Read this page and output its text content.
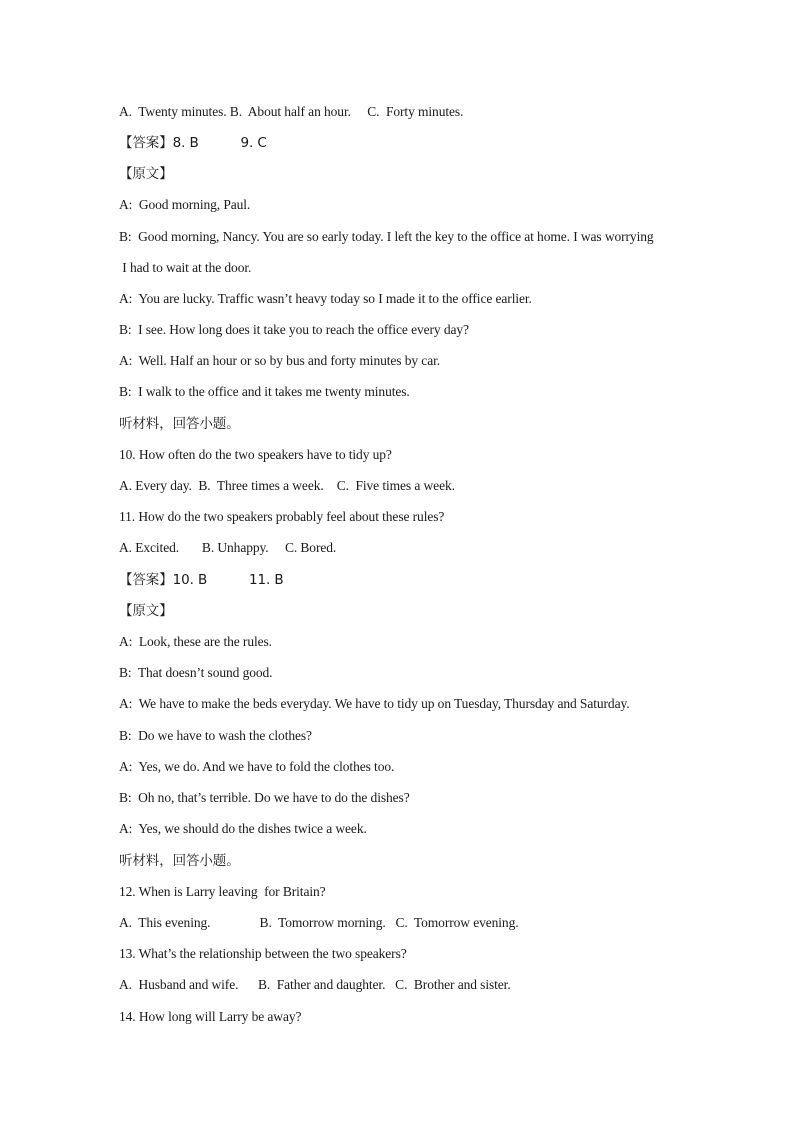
A.  Twenty minutes. B.  About half an hour.     C.  Forty minutes.
【答案】8. B          9. C
【原文】
A:  Good morning, Paul.
B:  Good morning, Nancy. You are so early today. I left the key to the office at home. I was worrying
I had to wait at the door.
A:  You are lucky. Traffic wasn’t heavy today so I made it to the office earlier.
B:  I see. How long does it take you to reach the office every day?
A:  Well. Half an hour or so by bus and forty minutes by car.
B:  I walk to the office and it takes me twenty minutes.
听材料，回答小题。
10. How often do the two speakers have to tidy up?
A. Every day.  B.  Three times a week.    C.  Five times a week.
11. How do the two speakers probably feel about these rules?
A. Excited.       B. Unhappy.     C. Bored.
【答案】10. B          11. B
【原文】
A:  Look, these are the rules.
B:  That doesn’t sound good.
A:  We have to make the beds everyday. We have to tidy up on Tuesday, Thursday and Saturday.
B:  Do we have to wash the clothes?
A:  Yes, we do. And we have to fold the clothes too.
B:  Oh no, that’s terrible. Do we have to do the dishes?
A:  Yes, we should do the dishes twice a week.
听材料，回答小题。
12. When is Larry leaving  for Britain?
A.  This evening.               B.  Tomorrow morning.   C.  Tomorrow evening.
13. What’s the relationship between the two speakers?
A.  Husband and wife.      B.  Father and daughter.   C.  Brother and sister.
14. How long will Larry be away?
